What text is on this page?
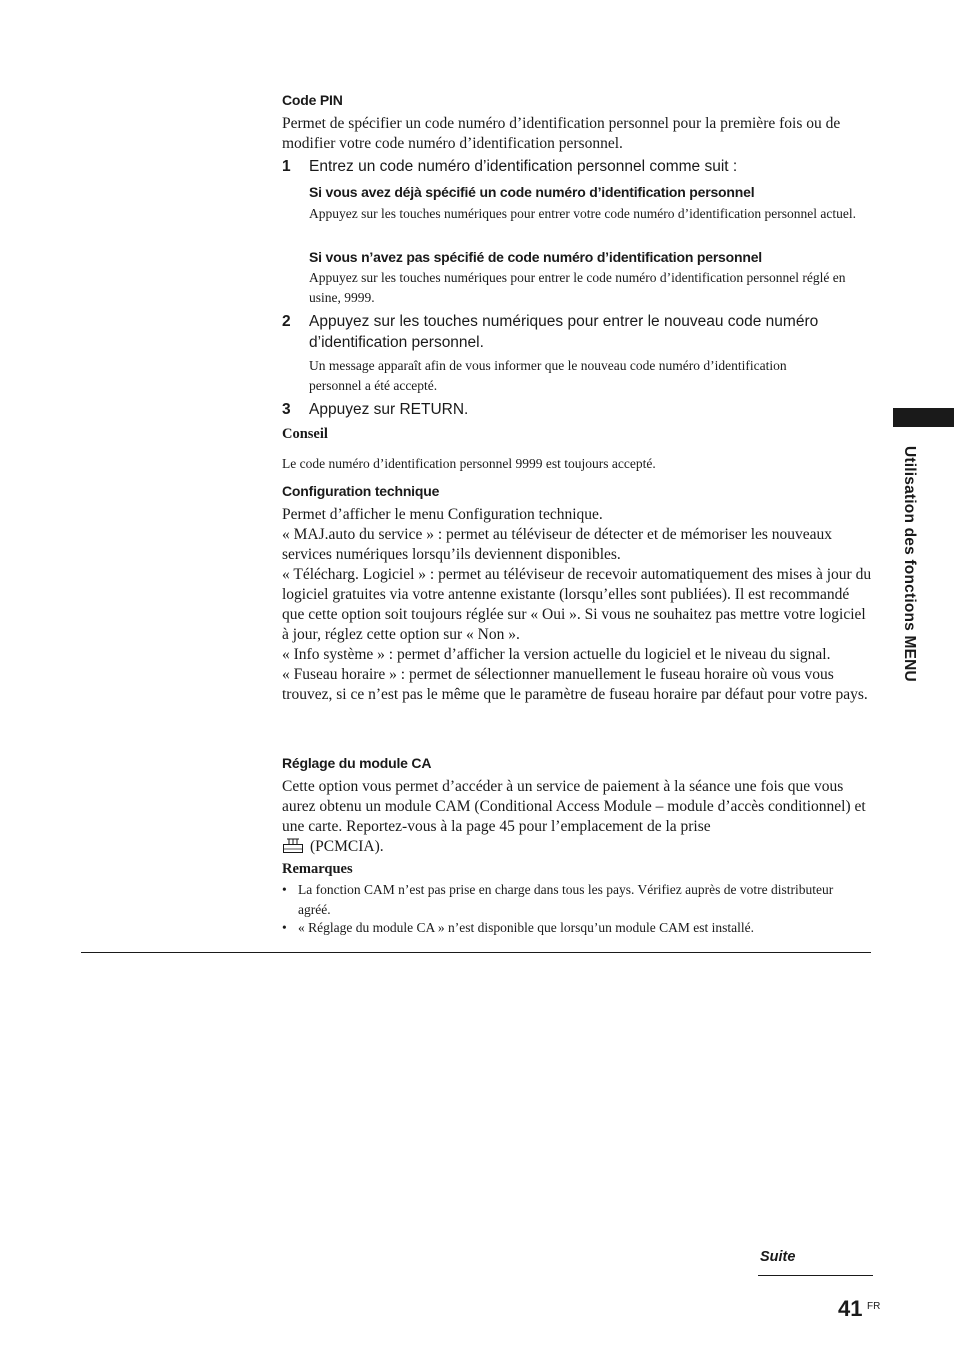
Code PIN

Permet de spécifier un code numéro d’identification personnel pour la première fois ou de modifier votre code numéro d’identification personnel.

1 Entrez un code numéro d’identification personnel comme suit :

Si vous avez déjà spécifié un code numéro d’identification personnel

Appuyez sur les touches numériques pour entrer votre code numéro d’identification personnel actuel.

Si vous n’avez pas spécifié de code numéro d’identification personnel

Appuyez sur les touches numériques pour entrer le code numéro d’identification personnel réglé en usine, 9999.

2 Appuyez sur les touches numériques pour entrer le nouveau code numéro d’identification personnel.

Un message apparaît afin de vous informer que le nouveau code numéro d’identification personnel a été accepté.

3 Appuyez sur RETURN.

Conseil

Le code numéro d’identification personnel 9999 est toujours accepté.

Configuration technique

Permet d’afficher le menu Configuration technique.

« MAJ.auto du service » : permet au téléviseur de détecter et de mémoriser les nouveaux services numériques lorsqu’ils deviennent disponibles.

« Télécharg. Logiciel » : permet au téléviseur de recevoir automatiquement des mises à jour du logiciel gratuites via votre antenne existante (lorsqu’elles sont publiées). Il est recommandé que cette option soit toujours réglée sur « Oui ». Si vous ne souhaitez pas mettre votre logiciel à jour, réglez cette option sur « Non ».

« Info système » : permet d’afficher la version actuelle du logiciel et le niveau du signal.

« Fuseau horaire » : permet de sélectionner manuellement le fuseau horaire où vous vous trouvez, si ce n’est pas le même que le paramètre de fuseau horaire par défaut pour votre pays.

Réglage du module CA

Cette option vous permet d’accéder à un service de paiement à la séance une fois que vous aurez obtenu un module CAM (Conditional Access Module – module d’accès conditionnel) et une carte. Reportez-vous à la page 45 pour l’emplacement de la prise
(PCMCIA).

Remarques
• La fonction CAM n’est pas prise en charge dans tous les pays. Vérifiez auprès de votre distributeur agréé.
• « Réglage du module CA » n’est disponible que lorsqu’un module CAM est installé.
Utilisation des fonctions MENU
Suite
41 FR
